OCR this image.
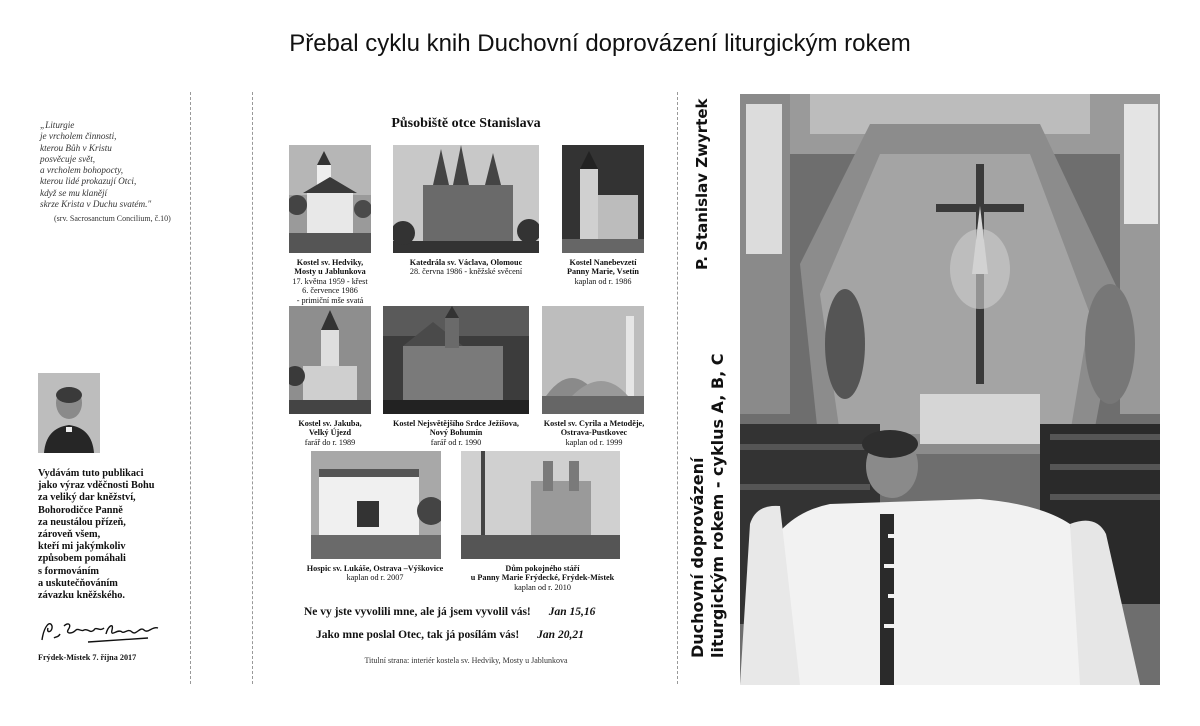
Přebal cyklu knih Duchovní doprovázení liturgickým rokem
„Liturgie
je vrcholem činnosti,
kterou Bůh v Kristu
posvěcuje svět,
a vrcholem bohopocty,
kterou lidé prokazují Otci,
když se mu klanějí
skrze Krista v Duchu svatém."
(srv. Sacrosanctum Concilium, č.10)
Vydávám tuto publikaci
jako výraz vděčnosti Bohu
za veliký dar kněžství,
Bohorodičce Panně
za neustálou přízeň,
zároveň všem,
kteří mi jakýmkoliv
způsobem pomáhali
s formováním
a uskutečňováním
závazku kněžského.
Frýdek-Místek 7. října 2017
Působiště otce Stanislava
Kostel sv. Hedviky,
Mosty u Jablunkova
17. května 1959 - křest
6. července 1986
- primiční mše svatá
Katedrála sv. Václava, Olomouc
28. června 1986 - kněžské svěcení
Kostel Nanebevzetí
Panny Marie, Vsetín
kaplan od r. 1986
Kostel sv. Jakuba,
Velký Újezd
farář do r. 1989
Kostel Nejsvětějšího Srdce Ježíšova,
Nový Bohumín
farář od r. 1990
Kostel sv. Cyrila a Metoděje,
Ostrava-Pustkovec
kaplan od r. 1999
Hospic sv. Lukáše, Ostrava –Výškovice
kaplan od r. 2007
Dům pokojného stáří
u Panny Marie Frýdecké, Frýdek-Místek
kaplan od r. 2010
Ne vy jste vyvolili mne, ale já jsem vyvolil vás! Jan 15,16
Jako mne poslal Otec, tak já posílám vás! Jan 20,21
Titulní strana: interiér kostela sv. Hedviky, Mosty u Jablunkova
P. Stanislav Zwyrtek
Duchovní doprovázení liturgickým rokem - cyklus A, B, C
